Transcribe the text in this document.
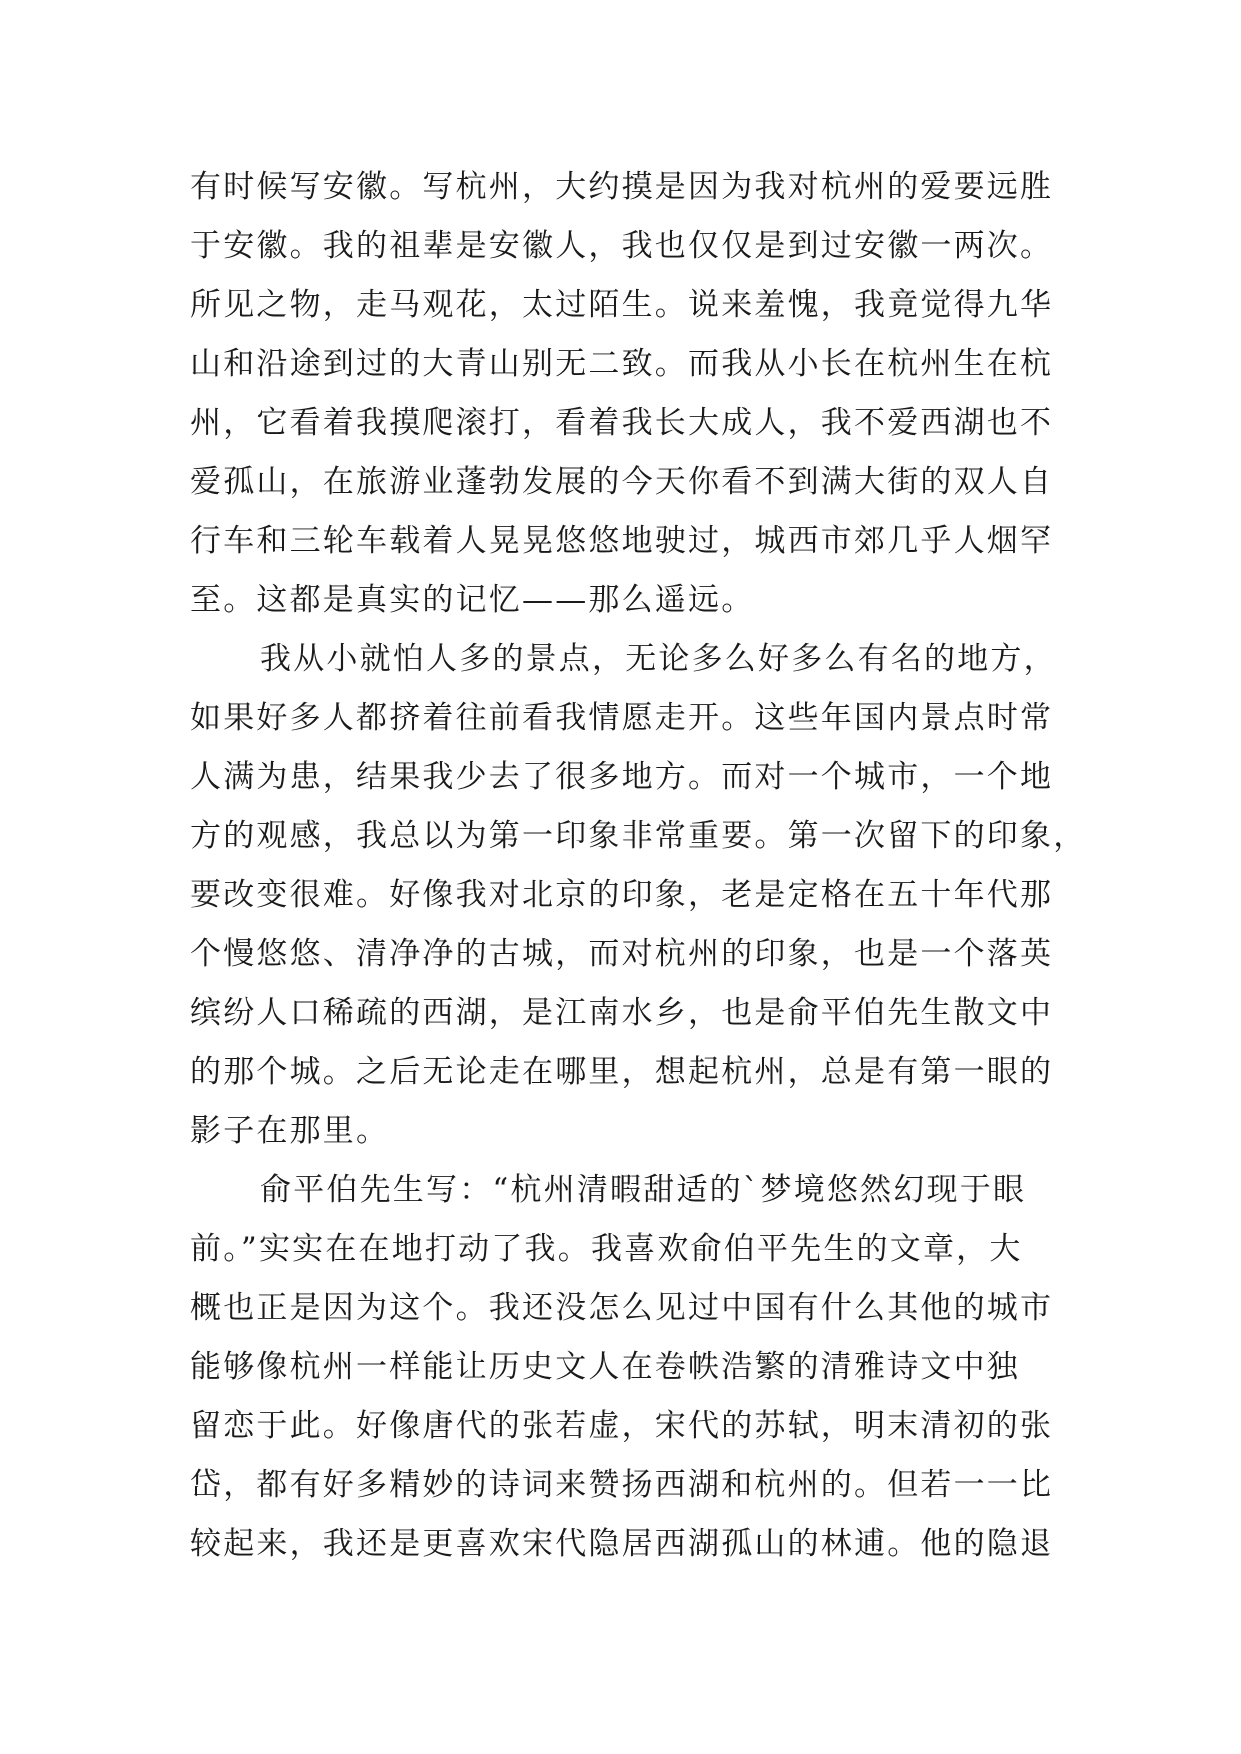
有时候写安徽。写杭州，大约摸是因为我对杭州的爱要远胜
于安徽。我的祖辈是安徽人，我也仅仅是到过安徽一两次。
所见之物，走马观花，太过陌生。说来羞愧，我竟觉得九华
山和沿途到过的大青山别无二致。而我从小长在杭州生在杭
州，它看着我摸爬滚打，看着我长大成人，我不爱西湖也不
爱孤山，在旅游业蓬勃发展的今天你看不到满大街的双人自
行车和三轮车载着人晃晃悠悠地驶过，城西市郊几乎人烟罕
至。这都是真实的记忆——那么遥远。
我从小就怕人多的景点，无论多么好多么有名的地方，
如果好多人都挤着往前看我情愿走开。这些年国内景点时常
人满为患，结果我少去了很多地方。而对一个城市，一个地
方的观感，我总以为第一印象非常重要。第一次留下的印象，
要改变很难。好像我对北京的印象，老是定格在五十年代那
个慢悠悠、清净净的古城，而对杭州的印象，也是一个落英
缤纷人口稀疏的西湖，是江南水乡，也是俞平伯先生散文中
的那个城。之后无论走在哪里，想起杭州，总是有第一眼的
影子在那里。
俞平伯先生写：“杭州清暇甜适的`梦境悠然幻现于眼
前。”实实在在地打动了我。我喜欢俞伯平先生的文章，大
概也正是因为这个。我还没怎么见过中国有什么其他的城市
能够像杭州一样能让历史文人在卷帙浩繁的清雅诗文中独
留恋于此。好像唐代的张若虚，宋代的苏轼，明末清初的张
岱，都有好多精妙的诗词来赞扬西湖和杭州的。但若一一比
较起来，我还是更喜欢宋代隐居西湖孤山的林逋。他的隐退
